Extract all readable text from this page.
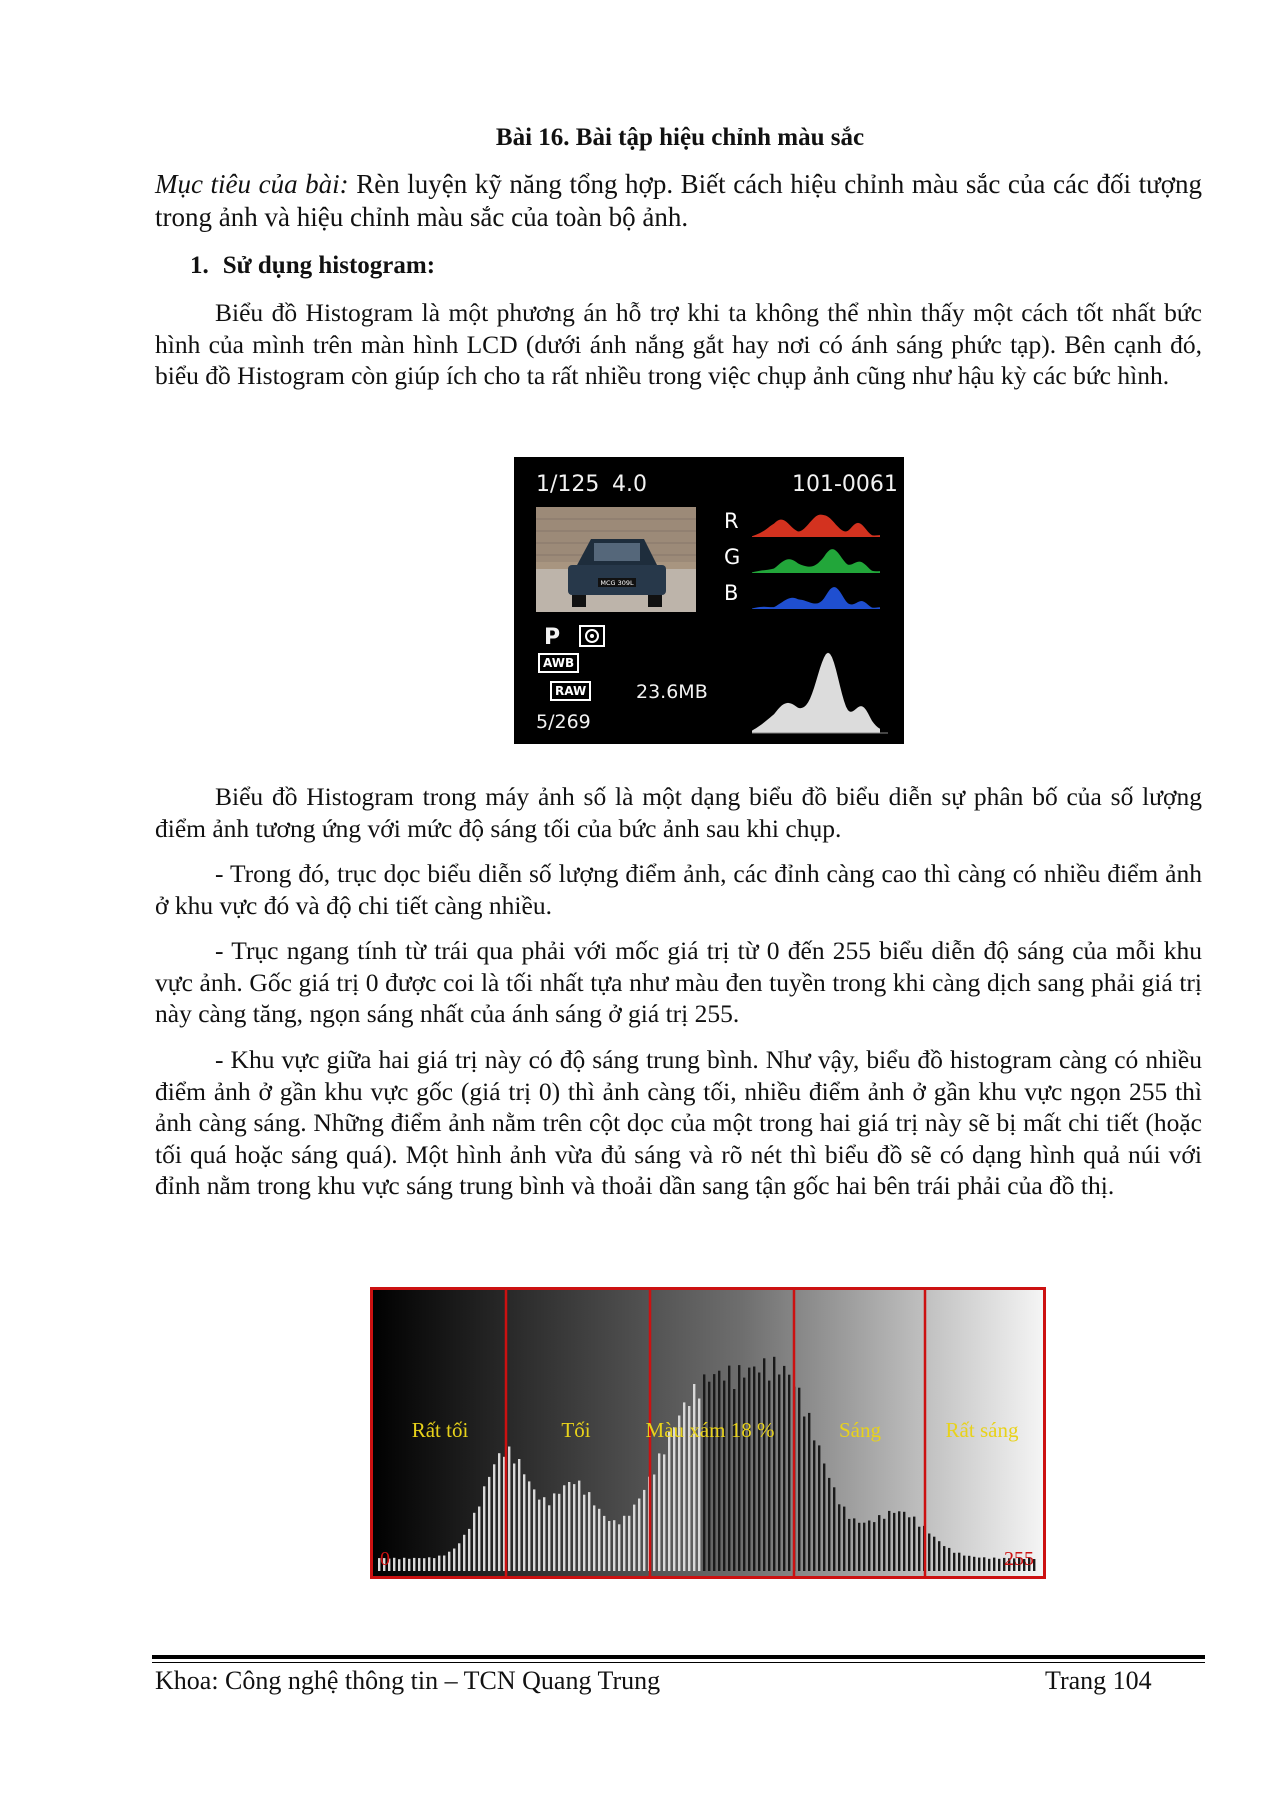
Bài 16. Bài tập hiệu chỉnh màu sắc

Mục tiêu của bài: Rèn luyện kỹ năng tổng hợp. Biết cách hiệu chỉnh màu sắc của các đối tượng trong ảnh và hiệu chỉnh màu sắc của toàn bộ ảnh.

1. Sử dụng histogram:

Biểu đồ Histogram là một phương án hỗ trợ khi ta không thể nhìn thấy một cách tốt nhất bức hình của mình trên màn hình LCD (dưới ánh nắng gắt hay nơi có ánh sáng phức tạp). Bên cạnh đó, biểu đồ Histogram còn giúp ích cho ta rất nhiều trong việc chụp ảnh cũng như hậu kỳ các bức hình.

1/125 4.0	101-0061
MCG 309L
R
G
B
P
AWB
RAW	23.6MB
5/269

Biểu đồ Histogram trong máy ảnh số là một dạng biểu đồ biểu diễn sự phân bố của số lượng điểm ảnh tương ứng với mức độ sáng tối của bức ảnh sau khi chụp.

- Trong đó, trục dọc biểu diễn số lượng điểm ảnh, các đỉnh càng cao thì càng có nhiều điểm ảnh ở khu vực đó và độ chi tiết càng nhiều.

- Trục ngang tính từ trái qua phải với mốc giá trị từ 0 đến 255 biểu diễn độ sáng của mỗi khu vực ảnh. Gốc giá trị 0 được coi là tối nhất tựa như màu đen tuyền trong khi càng dịch sang phải giá trị này càng tăng, ngọn sáng nhất của ánh sáng ở giá trị 255.

- Khu vực giữa hai giá trị này có độ sáng trung bình. Như vậy, biểu đồ histogram càng có nhiều điểm ảnh ở gần khu vực gốc (giá trị 0) thì ảnh càng tối, nhiều điểm ảnh ở gần khu vực ngọn 255 thì ảnh càng sáng. Những điểm ảnh nằm trên cột dọc của một trong hai giá trị này sẽ bị mất chi tiết (hoặc tối quá hoặc sáng quá). Một hình ảnh vừa đủ sáng và rõ nét thì biểu đồ sẽ có dạng hình quả núi với đỉnh nằm trong khu vực sáng trung bình và thoải dần sang tận gốc hai bên trái phải của đồ thị.

Rất tối	Tối	Màu xám 18 %	Sáng	Rất sáng
0	255
Khoa: Công nghệ thông tin – TCN Quang Trung	Trang 104
